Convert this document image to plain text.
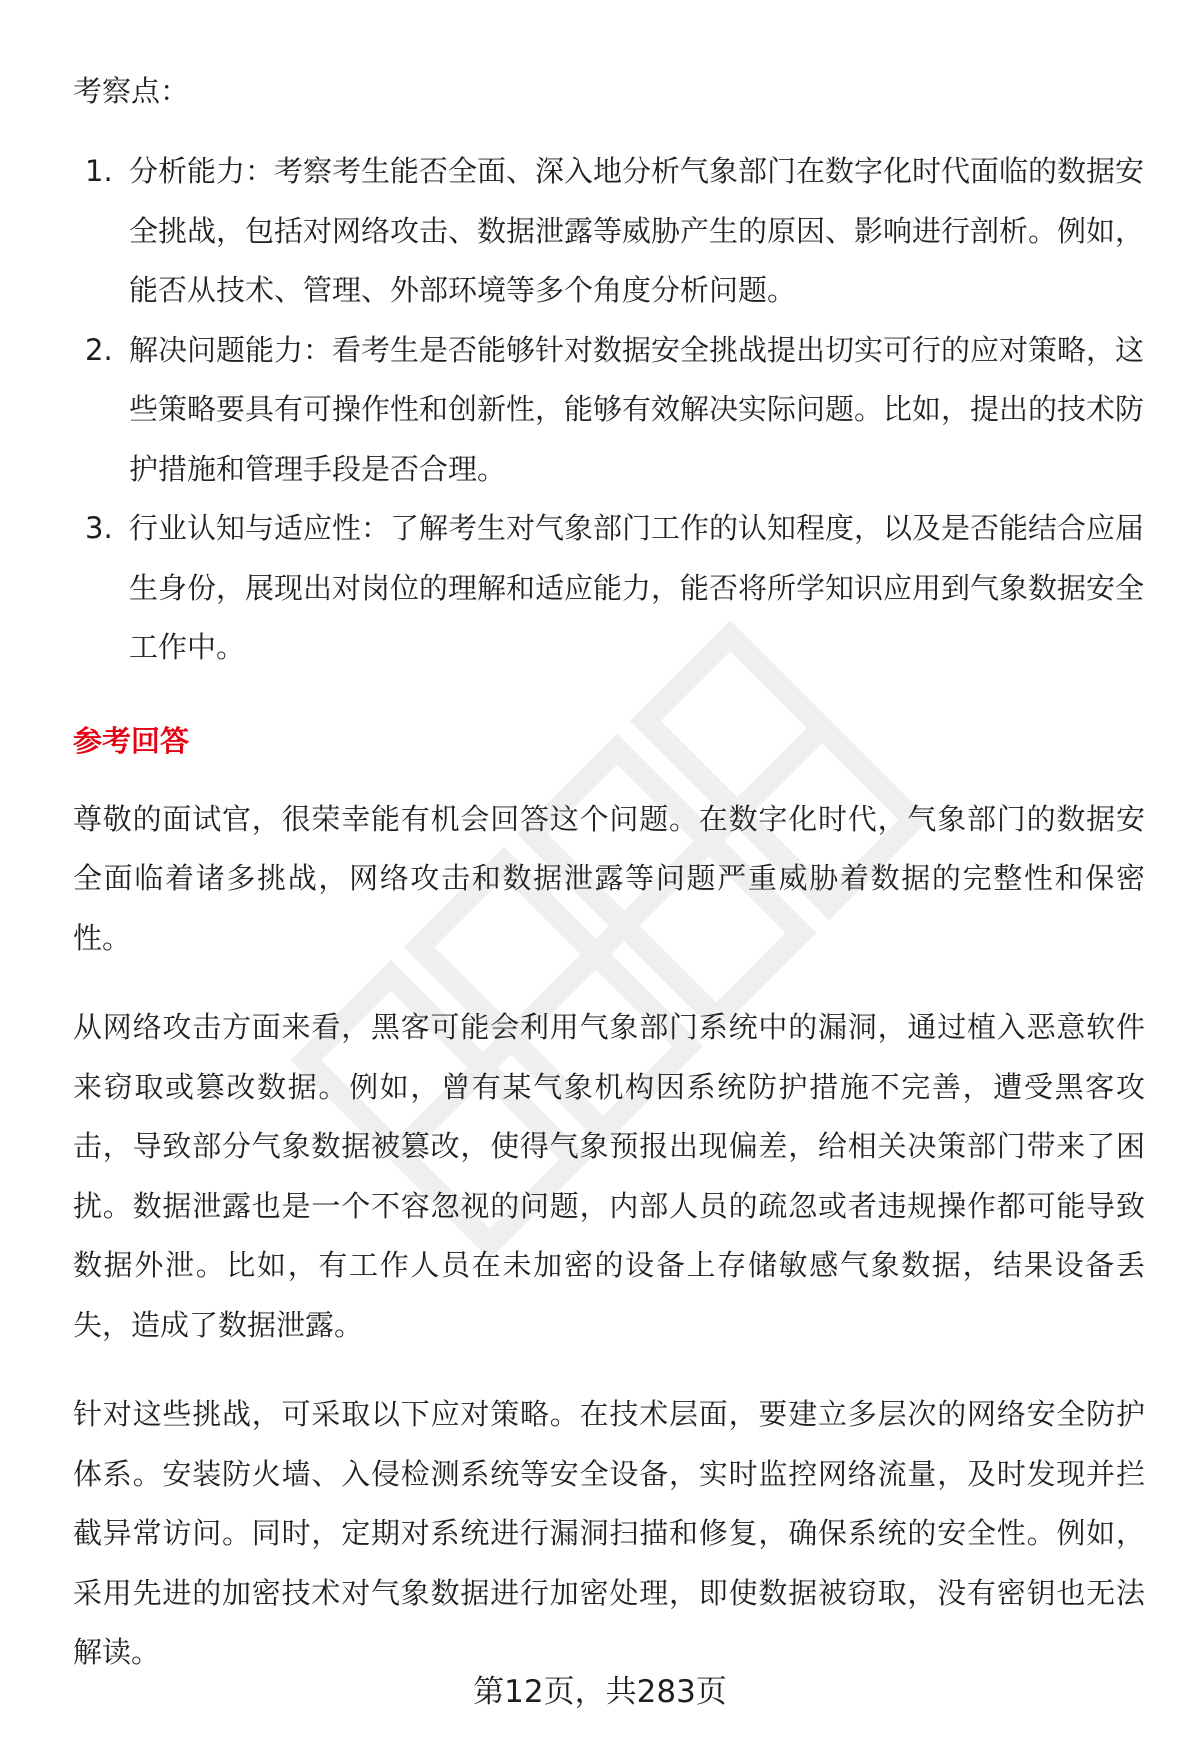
考察点：

1. 分析能力：考察考生能否全面、深入地分析气象部门在数字化时代面临的数据安全挑战，包括对网络攻击、数据泄露等威胁产生的原因、影响进行剖析。例如，能否从技术、管理、外部环境等多个角度分析问题。
2. 解决问题能力：看考生是否能够针对数据安全挑战提出切实可行的应对策略，这些策略要具有可操作性和创新性，能够有效解决实际问题。比如，提出的技术防护措施和管理手段是否合理。
3. 行业认知与适应性：了解考生对气象部门工作的认知程度，以及是否能结合应届生身份，展现出对岗位的理解和适应能力，能否将所学知识应用到气象数据安全工作中。

参考回答

尊敬的面试官，很荣幸能有机会回答这个问题。在数字化时代，气象部门的数据安全面临着诸多挑战，网络攻击和数据泄露等问题严重威胁着数据的完整性和保密性。

从网络攻击方面来看，黑客可能会利用气象部门系统中的漏洞，通过植入恶意软件来窃取或篡改数据。例如，曾有某气象机构因系统防护措施不完善，遭受黑客攻击，导致部分气象数据被篡改，使得气象预报出现偏差，给相关决策部门带来了困扰。数据泄露也是一个不容忽视的问题，内部人员的疏忽或者违规操作都可能导致数据外泄。比如，有工作人员在未加密的设备上存储敏感气象数据，结果设备丢失，造成了数据泄露。

针对这些挑战，可采取以下应对策略。在技术层面，要建立多层次的网络安全防护体系。安装防火墙、入侵检测系统等安全设备，实时监控网络流量，及时发现并拦截异常访问。同时，定期对系统进行漏洞扫描和修复，确保系统的安全性。例如，采用先进的加密技术对气象数据进行加密处理，即使数据被窃取，没有密钥也无法解读。

第12页，共283页
